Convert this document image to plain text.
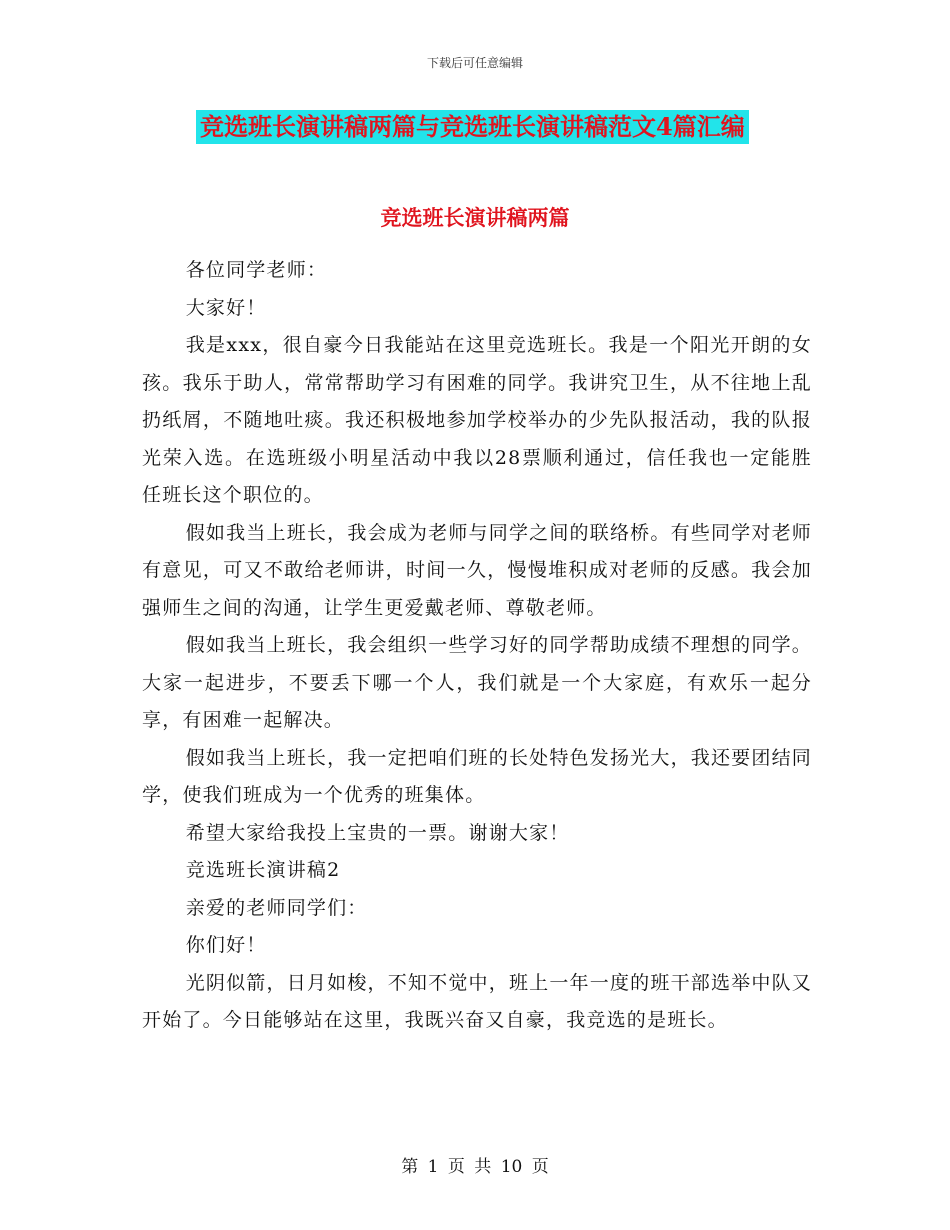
下载后可任意编辑
竞选班长演讲稿两篇与竞选班长演讲稿范文4篇汇编
竞选班长演讲稿两篇

各位同学老师：

大家好！

我是xxx，很自豪今日我能站在这里竞选班长。我是一个阳光开朗的女孩。我乐于助人，常常帮助学习有困难的同学。我讲究卫生，从不往地上乱扔纸屑，不随地吐痰。我还积极地参加学校举办的少先队报活动，我的队报光荣入选。在选班级小明星活动中我以28票顺利通过，信任我也一定能胜任班长这个职位的。

假如我当上班长，我会成为老师与同学之间的联络桥。有些同学对老师有意见，可又不敢给老师讲，时间一久，慢慢堆积成对老师的反感。我会加强师生之间的沟通，让学生更爱戴老师、尊敬老师。

假如我当上班长，我会组织一些学习好的同学帮助成绩不理想的同学。大家一起进步，不要丢下哪一个人，我们就是一个大家庭，有欢乐一起分享，有困难一起解决。

假如我当上班长，我一定把咱们班的长处特色发扬光大，我还要团结同学，使我们班成为一个优秀的班集体。

希望大家给我投上宝贵的一票。谢谢大家！

竞选班长演讲稿2

亲爱的老师同学们：

你们好！

光阴似箭，日月如梭，不知不觉中，班上一年一度的班干部选举中队又开始了。今日能够站在这里，我既兴奋又自豪，我竞选的是班长。

第 1 页 共 10 页
